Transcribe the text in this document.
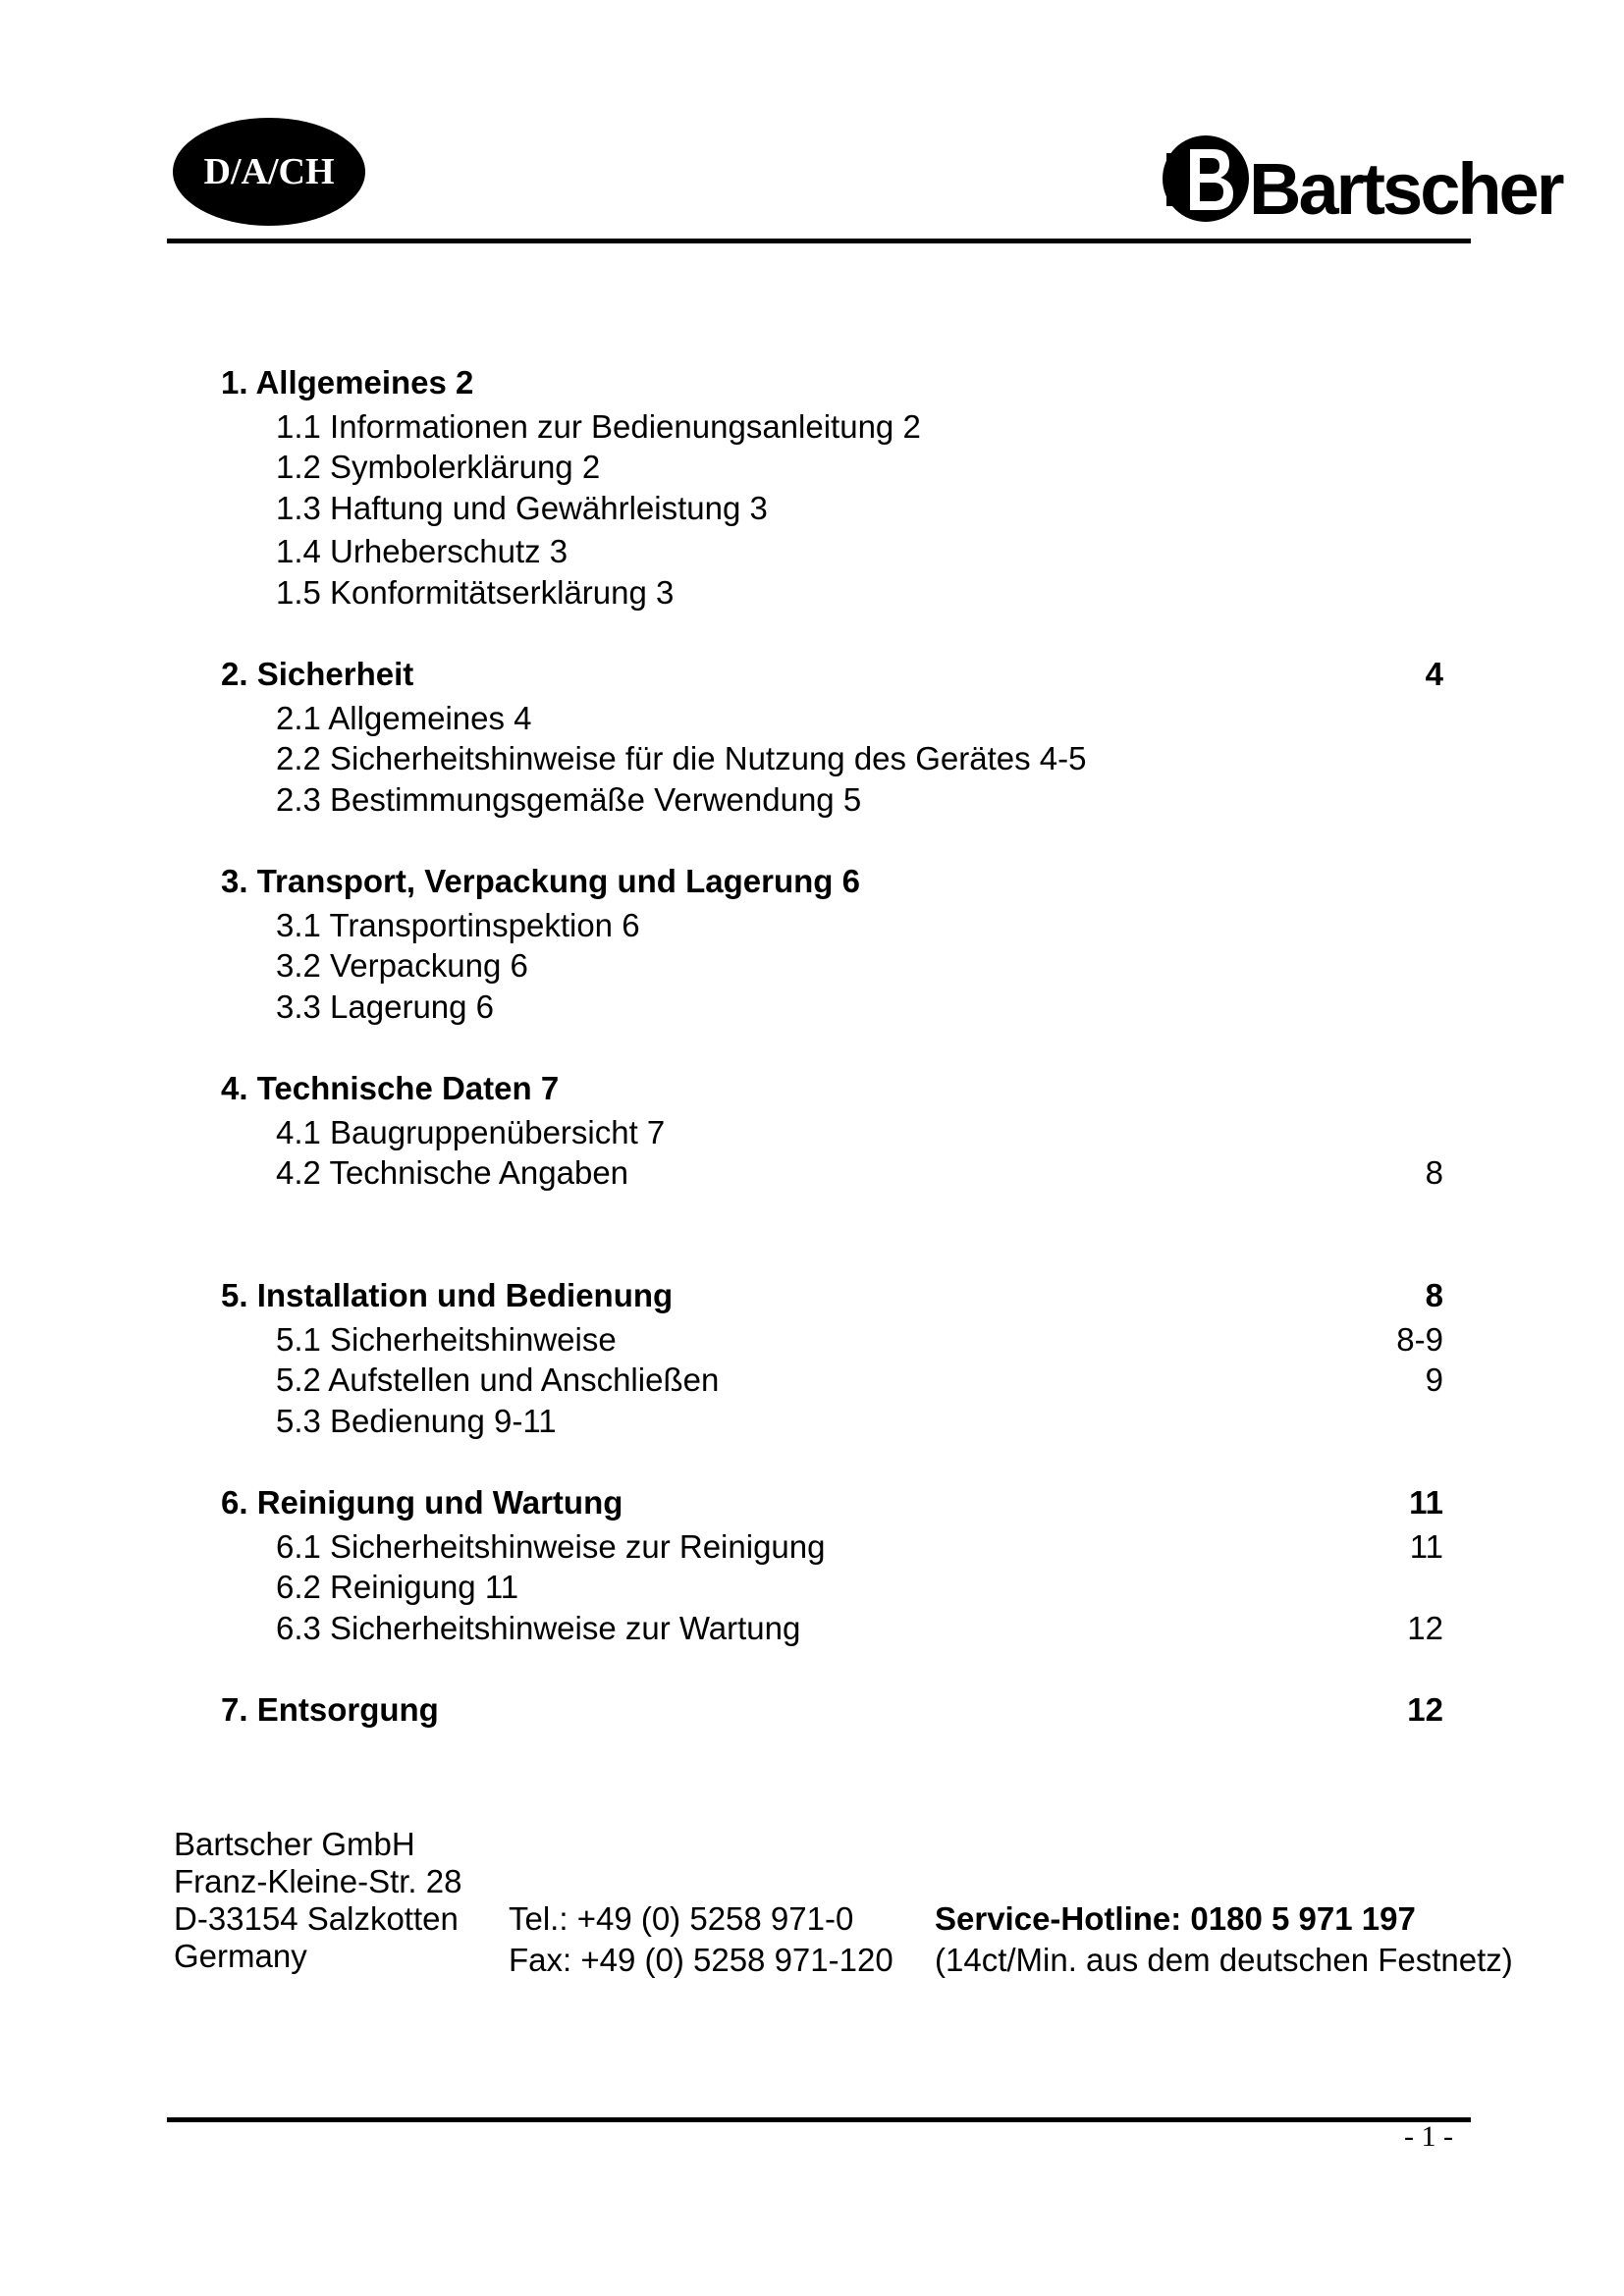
D/A/CH	Bartscher
1. Allgemeines 2
1.1 Informationen zur Bedienungsanleitung 2
1.2 Symbolerklärung 2
1.3 Haftung und Gewährleistung 3
1.4 Urheberschutz 3
1.5 Konformitätserklärung 3
2. Sicherheit	4
2.1 Allgemeines 4
2.2 Sicherheitshinweise für die Nutzung des Gerätes 4-5
2.3 Bestimmungsgemäße Verwendung 5
3. Transport, Verpackung und Lagerung 6
3.1 Transportinspektion 6
3.2 Verpackung 6
3.3 Lagerung 6
4. Technische Daten 7
4.1 Baugruppenübersicht 7
4.2 Technische Angaben	8
5. Installation und Bedienung	8
5.1 Sicherheitshinweise	8-9
5.2 Aufstellen und Anschließen	9
5.3 Bedienung 9-11
6. Reinigung und Wartung	11
6.1 Sicherheitshinweise zur Reinigung	11
6.2 Reinigung 11
6.3 Sicherheitshinweise zur Wartung	12
7. Entsorgung	12
Bartscher GmbH
Franz-Kleine-Str. 28
D-33154 Salzkotten
Germany
Tel.: +49 (0) 5258 971-0
Fax: +49 (0) 5258 971-120
Service-Hotline: 0180 5 971 197
(14ct/Min. aus dem deutschen Festnetz)
- 1 -
